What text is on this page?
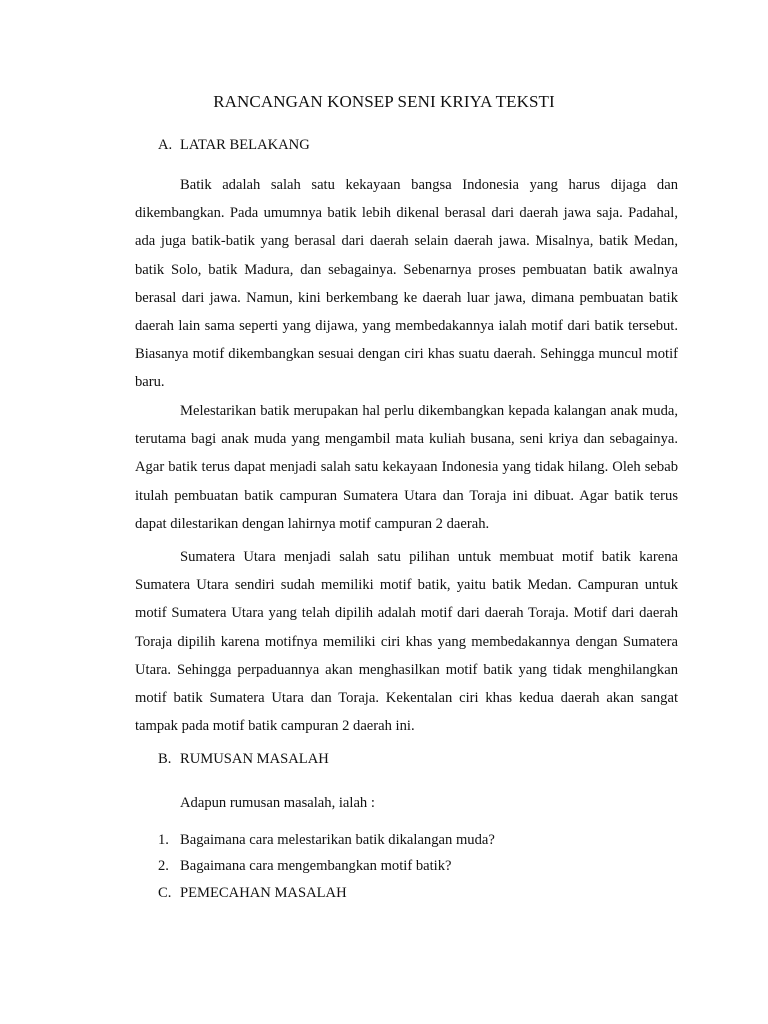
RANCANGAN KONSEP SENI KRIYA TEKSTI

A. LATAR BELAKANG

Batik adalah salah satu kekayaan bangsa Indonesia yang harus dijaga dan dikembangkan. Pada umumnya batik lebih dikenal berasal dari daerah jawa saja. Padahal, ada juga batik-batik yang berasal dari daerah selain daerah jawa. Misalnya, batik Medan, batik Solo, batik Madura, dan sebagainya. Sebenarnya proses pembuatan batik awalnya berasal dari jawa. Namun, kini berkembang ke daerah luar jawa, dimana pembuatan batik daerah lain sama seperti yang dijawa, yang membedakannya ialah motif dari batik tersebut. Biasanya motif dikembangkan sesuai dengan ciri khas suatu daerah. Sehingga muncul motif baru.

Melestarikan batik merupakan hal perlu dikembangkan kepada kalangan anak muda, terutama bagi anak muda yang mengambil mata kuliah busana, seni kriya dan sebagainya. Agar batik terus dapat menjadi salah satu kekayaan Indonesia yang tidak hilang. Oleh sebab itulah pembuatan batik campuran Sumatera Utara dan Toraja ini dibuat. Agar batik terus dapat dilestarikan dengan lahirnya motif campuran 2 daerah.

Sumatera Utara menjadi salah satu pilihan untuk membuat motif batik karena Sumatera Utara sendiri sudah memiliki motif batik, yaitu batik Medan. Campuran untuk motif Sumatera Utara yang telah dipilih adalah motif dari daerah Toraja. Motif dari daerah Toraja dipilih karena motifnya memiliki ciri khas yang membedakannya dengan Sumatera Utara. Sehingga perpaduannya akan menghasilkan motif batik yang tidak menghilangkan motif batik Sumatera Utara dan Toraja. Kekentalan ciri khas kedua daerah akan sangat tampak pada motif batik campuran 2 daerah ini.

B. RUMUSAN MASALAH

Adapun rumusan masalah, ialah :

1. Bagaimana cara melestarikan batik dikalangan muda?

2. Bagaimana cara mengembangkan motif batik?

C. PEMECAHAN MASALAH
